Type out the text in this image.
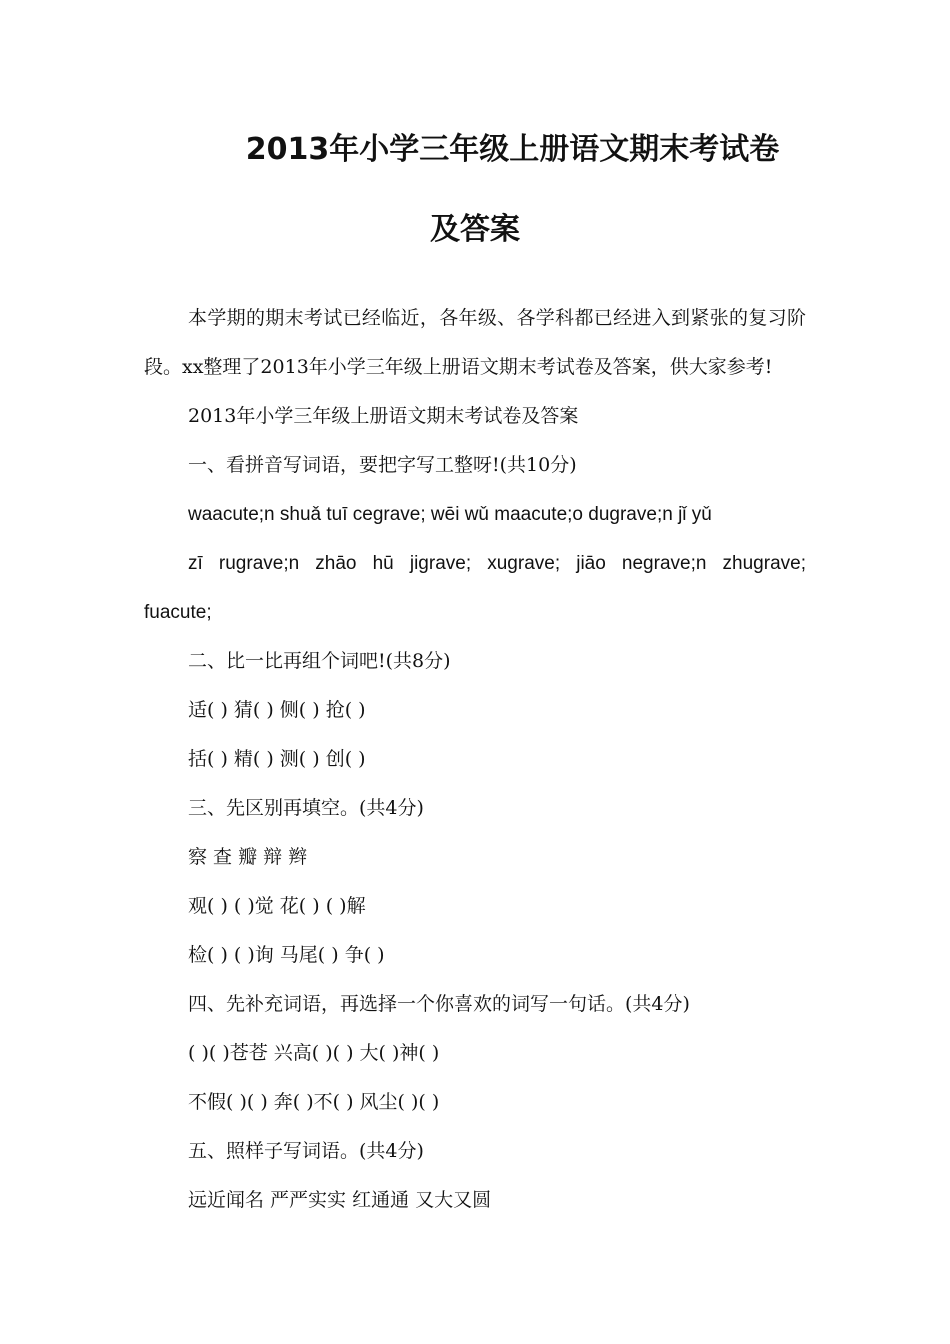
2013年小学三年级上册语文期末考试卷
及答案

本学期的期末考试已经临近，各年级、各学科都已经进入到紧张的复习阶段。xx整理了2013年小学三年级上册语文期末考试卷及答案，供大家参考!

2013年小学三年级上册语文期末考试卷及答案

一、看拼音写词语，要把字写工整呀!(共10分)

waacute;n shuǎ tuī cegrave; wēi wǔ maacute;o dugrave;n jǐ yǔ

zī rugrave;n zhāo hū jigrave; xugrave; jiāo negrave;n zhugrave;
fuacute;

二、比一比再组个词吧!(共8分)

适( ) 猜( ) 侧( ) 抢( )

括( ) 精( ) 测( ) 创( )

三、先区别再填空。(共4分)

察 查 瓣 辩 辫

观( ) ( )觉 花( ) ( )解

检( ) ( )询 马尾( ) 争( )

四、先补充词语，再选择一个你喜欢的词写一句话。(共4分)

( )( )苍苍 兴高( )( ) 大( )神( )

不假( )( ) 奔( )不( ) 风尘( )( )

五、照样子写词语。(共4分)

远近闻名 严严实实 红通通 又大又圆
